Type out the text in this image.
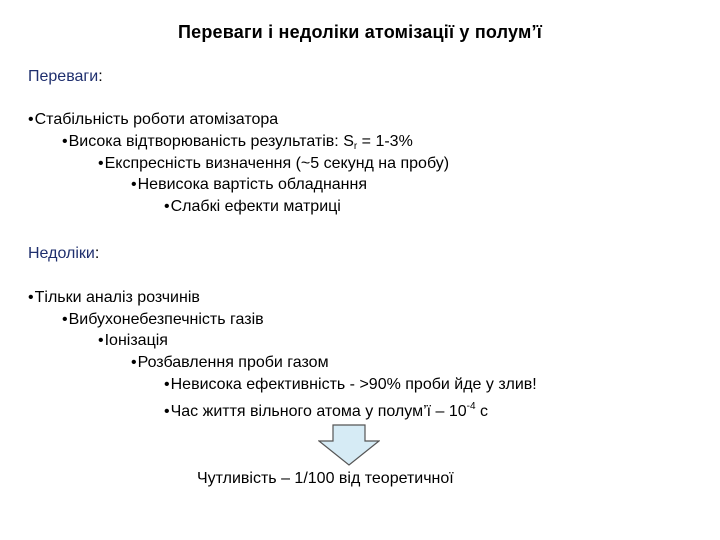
Переваги і недоліки атомізації у полум’ї
Переваги:
•Стабільність роботи атомізатора
•Висока відтворюваність результатів: $S_r = 1-3\%$
•Експресність визначення (~5 секунд на пробу)
•Невисока вартість обладнання
•Слабкі ефекти матриці
Недоліки:
•Тільки аналіз розчинів
•Вибухонебезпечність газів
•Іонізація
•Розбавлення проби газом
•Невисока ефективність - >90% проби йде у злив!
•Час життя вільного атома у полум’ї – $10^{-4}$ с
Чутливість – 1/100 від теоретичної
